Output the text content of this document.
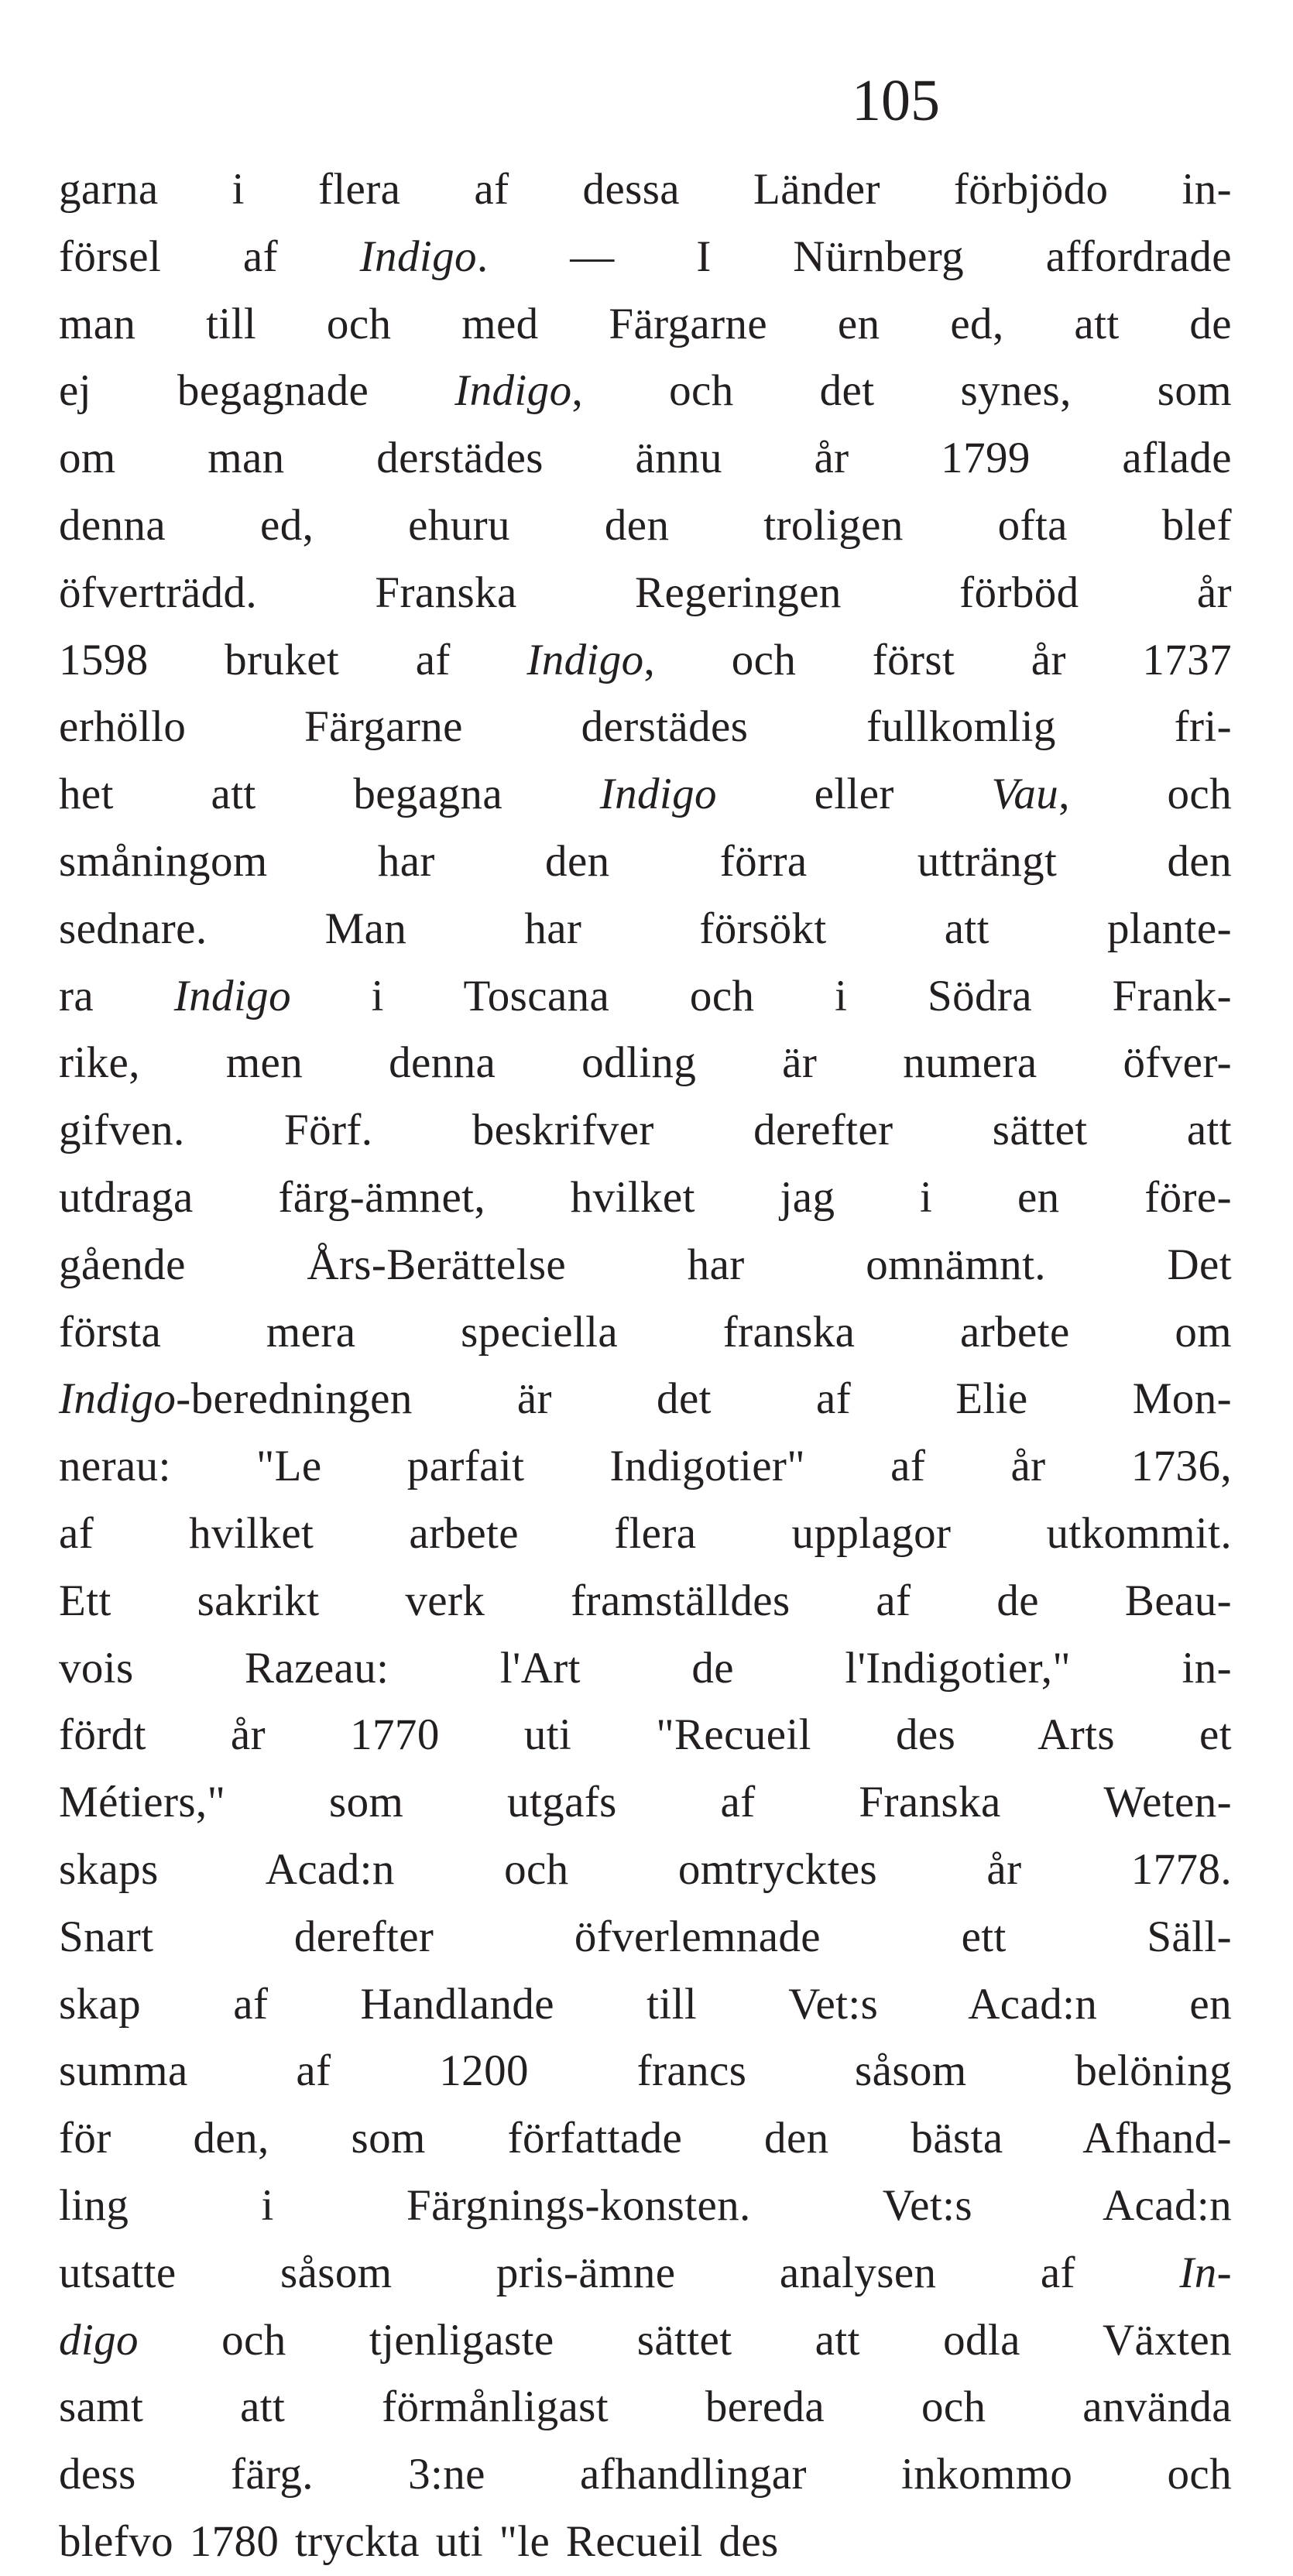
105
garna i flera af dessa Länder förbjödo in-
försel af Indigo. — I Nürnberg affordrade
man till och med Färgarne en ed, att de
ej begagnade Indigo, och det synes, som
om man derstädes ännu år 1799 aflade
denna ed, ehuru den troligen ofta blef
öfverträdd. Franska Regeringen förböd år
1598 bruket af Indigo, och först år 1737
erhöllo Färgarne derstädes fullkomlig fri-
het att begagna Indigo eller Vau, och
småningom har den förra utträngt den
sednare. Man har försökt att plante-
ra Indigo i Toscana och i Södra Frank-
rike, men denna odling är numera öfver-
gifven. Förf. beskrifver derefter sättet att
utdraga färg-ämnet, hvilket jag i en före-
gående Års-Berättelse har omnämnt. Det
första mera speciella franska arbete om
Indigo-beredningen är det af Elie Mon-
nerau: "Le parfait Indigotier" af år 1736,
af hvilket arbete flera upplagor utkommit.
Ett sakrikt verk framställdes af de Beau-
vois Razeau: l'Art de l'Indigotier," in-
fördt år 1770 uti "Recueil des Arts et
Métiers," som utgafs af Franska Weten-
skaps Acad:n och omtrycktes år 1778.
Snart derefter öfverlemnade ett Säll-
skap af Handlande till Vet:s Acad:n en
summa af 1200 francs såsom belöning
för den, som författade den bästa Afhand-
ling i Färgnings-konsten. Vet:s Acad:n
utsatte såsom pris-ämne analysen af In-
digo och tjenligaste sättet att odla Växten
samt att förmånligast bereda och använda
dess färg. 3:ne afhandlingar inkommo och
blefvo 1780 tryckta uti "le Recueil des
